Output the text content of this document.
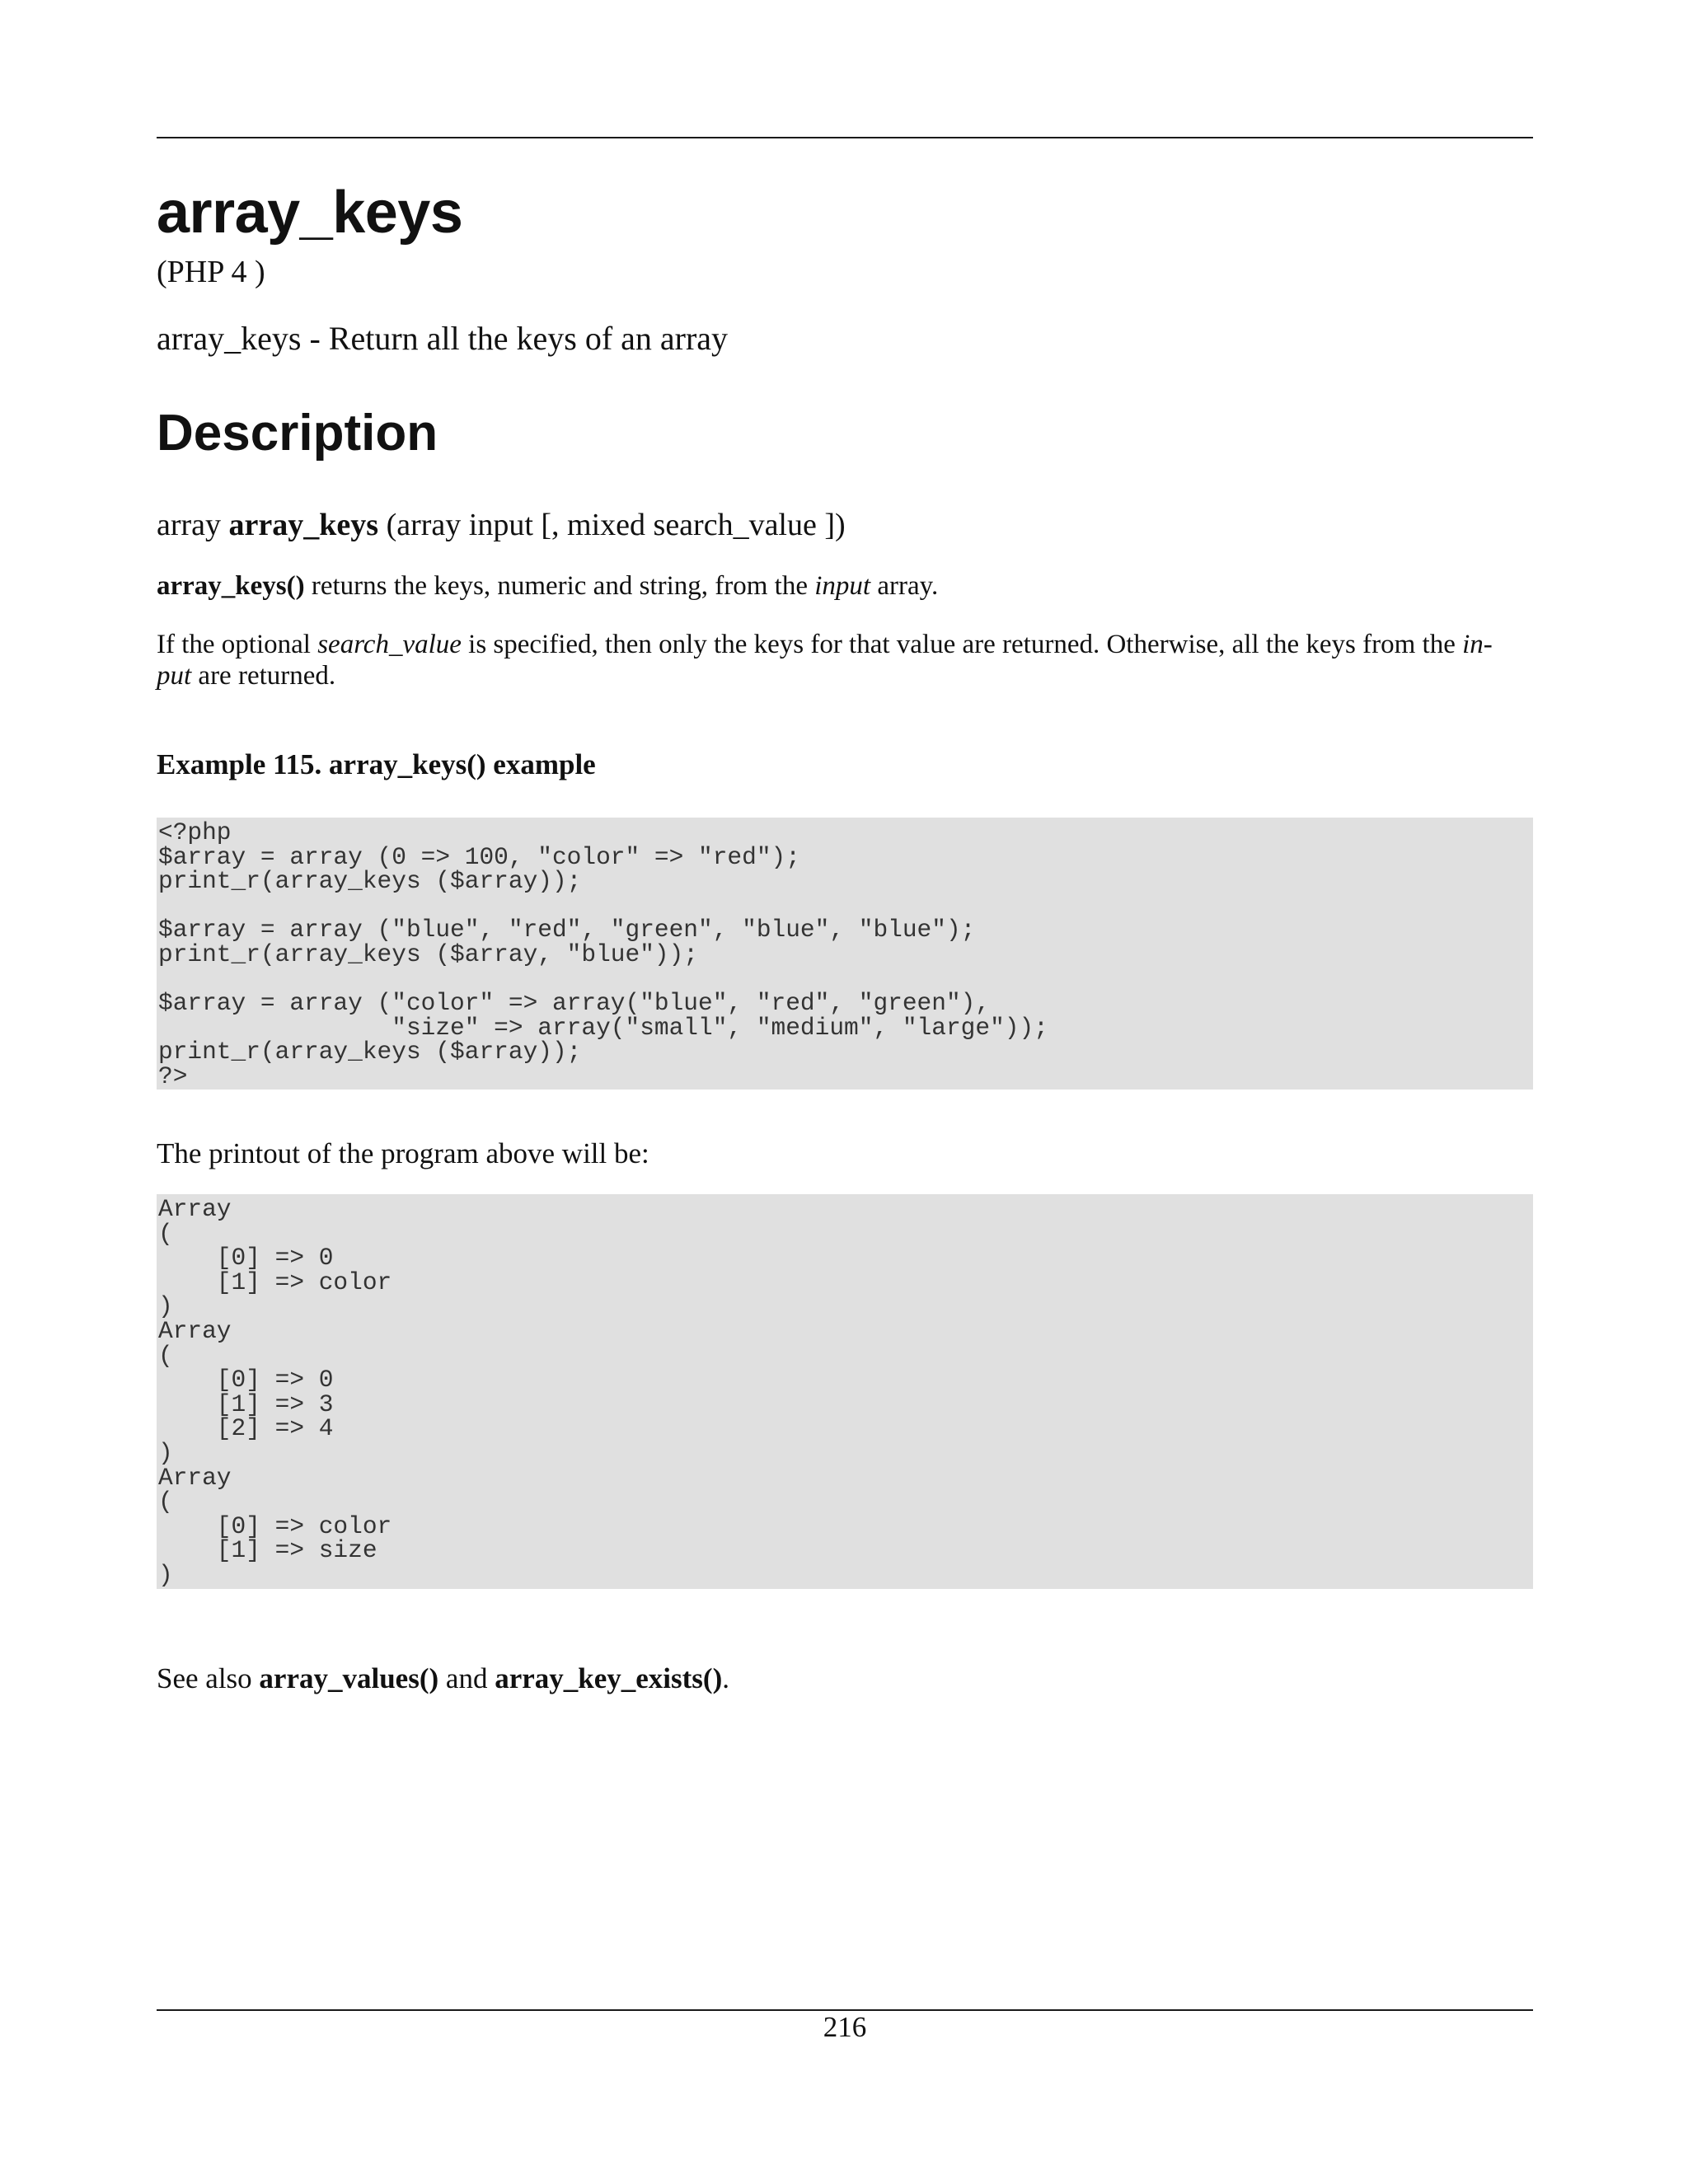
array_keys
(PHP 4 )
array_keys - Return all the keys of an array
Description
array array_keys (array input [, mixed search_value ])
array_keys() returns the keys, numeric and string, from the input array.
If the optional search_value is specified, then only the keys for that value are returned. Otherwise, all the keys from the in-
put are returned.
Example 115. array_keys() example
<?php
$array = array (0 => 100, "color" => "red");
print_r(array_keys ($array));

$array = array ("blue", "red", "green", "blue", "blue");
print_r(array_keys ($array, "blue"));

$array = array ("color" => array("blue", "red", "green"),
"size" => array("small", "medium", "large"));
print_r(array_keys ($array));
?>
The printout of the program above will be:
Array
(
[0] => 0
[1] => color
)
Array
(
[0] => 0
[1] => 3
[2] => 4
)
Array
(
[0] => color
[1] => size
)
See also array_values() and array_key_exists().
216
